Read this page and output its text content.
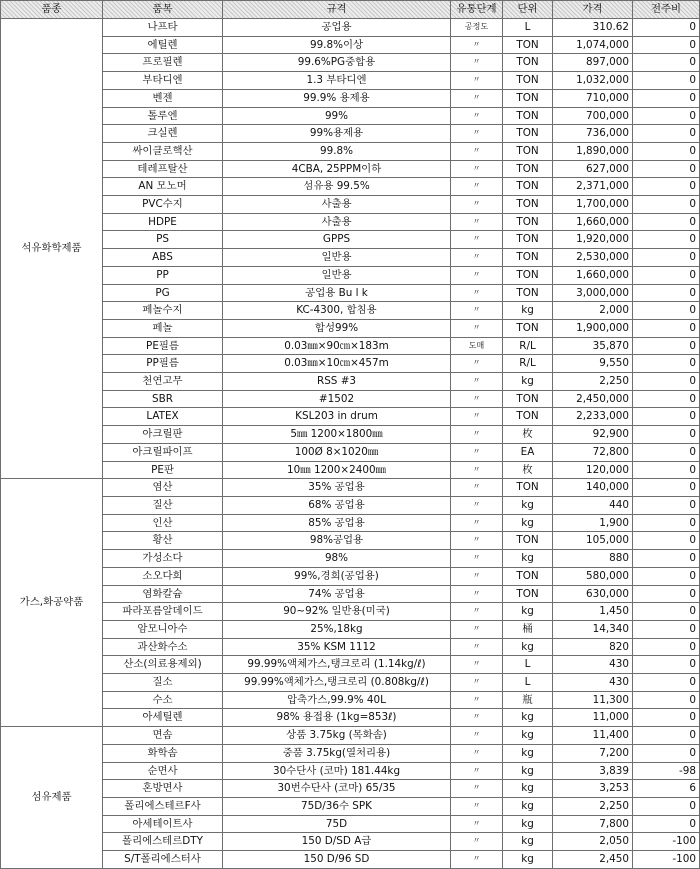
품종	품목	규격	유통단계	단위	가격	전주비
석유화학제품	나프타	공업용	공정도	L	310.62	0
	에틸렌	99.8%이상	〃	TON	1,074,000	0
	프로필렌	99.6%PG중합용	〃	TON	897,000	0
	부타디엔	1.3 부타디엔	〃	TON	1,032,000	0
	벤젠	99.9% 용제용	〃	TON	710,000	0
	톨루엔	99%	〃	TON	700,000	0
	크실렌	99%용제용	〃	TON	736,000	0
	싸이클로핵산	99.8%	〃	TON	1,890,000	0
	테레프탈산	4CBA, 25PPM이하	〃	TON	627,000	0
	AN 모노머	섬유용 99.5%	〃	TON	2,371,000	0
	PVC수지	사출용	〃	TON	1,700,000	0
	HDPE	사출용	〃	TON	1,660,000	0
	PS	GPPS	〃	TON	1,920,000	0
	ABS	일반용	〃	TON	2,530,000	0
	PP	일반용	〃	TON	1,660,000	0
	PG	공업용 Bu l k	〃	TON	3,000,000	0
	페놀수지	KC-4300, 합침용	〃	kg	2,000	0
	페놀	합성99%	〃	TON	1,900,000	0
	PE필름	0.03㎜×90㎝×183m	도매	R/L	35,870	0
	PP필름	0.03㎜×10㎝×457m	〃	R/L	9,550	0
	천연고무	RSS #3	〃	kg	2,250	0
	SBR	#1502	〃	TON	2,450,000	0
	LATEX	KSL203 in drum	〃	TON	2,233,000	0
	아크릴판	5㎜ 1200×1800㎜	〃	枚	92,900	0
	아크릴파이프	100Ø 8×1020㎜	〃	EA	72,800	0
	PE판	10㎜ 1200×2400㎜	〃	枚	120,000	0
가스,화공약품	염산	35% 공업용	〃	TON	140,000	0
	질산	68% 공업용	〃	kg	440	0
	인산	85% 공업용	〃	kg	1,900	0
	황산	98%공업용	〃	TON	105,000	0
	가성소다	98%	〃	kg	880	0
	소오다희	99%,경희(공업용)	〃	TON	580,000	0
	염화칼슘	74% 공업용	〃	TON	630,000	0
	파라포름알데이드	90~92% 일반용(미국)	〃	kg	1,450	0
	암모니아수	25%,18kg	〃	桶	14,340	0
	과산화수소	35% KSM 1112	〃	kg	820	0
	산소(의료용제외)	99.99%액체가스,탱크로리 (1.14kg/ℓ)	〃	L	430	0
	질소	99.99%액체가스,탱크로리 (0.808kg/ℓ)	〃	L	430	0
	수소	압축가스,99.9% 40L	〃	瓶	11,300	0
	아세틸렌	98% 용접용 (1kg=853ℓ)	〃	kg	11,000	0
섬유제품	면솜	상품 3.75kg (목화솜)	〃	kg	11,400	0
	화학솜	중품 3.75kg(열처리용)	〃	kg	7,200	0
	순면사	30수단사 (코마) 181.44kg	〃	kg	3,839	-98
	혼방면사	30번수단사 (코마) 65/35	〃	kg	3,253	6
	폴리에스테르F사	75D/36수 SPK	〃	kg	2,250	0
	아세테이트사	75D	〃	kg	7,800	0
	폴리에스테르DTY	150 D/SD A급	〃	kg	2,050	-100
	S/T폴리에스터사	150 D/96 SD	〃	kg	2,450	-100
